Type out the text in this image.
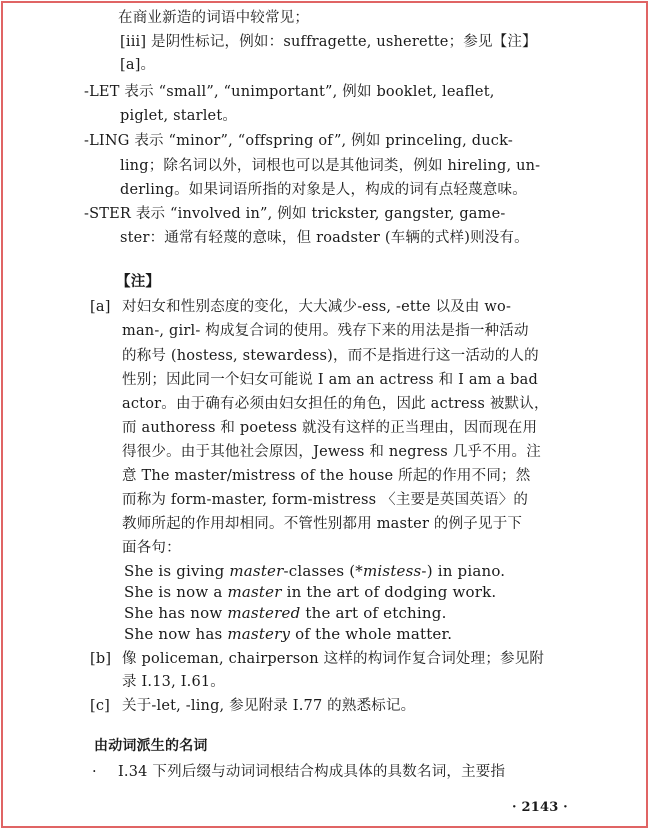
在商业新造的词语中较常见；
[iii] 是阴性标记，例如：suffragette, usherette；参见【注】
[a]。
-LET 表示 “small”, “unimportant”, 例如 booklet, leaflet,
piglet, starlet。
-LING 表示 “minor”, “offspring of”, 例如 princeling, duck-
ling；除名词以外，词根也可以是其他词类，例如 hireling, un-
derling。如果词语所指的对象是人，构成的词有点轻蔑意味。
-STER 表示 “involved in”, 例如 trickster, gangster, game-
ster：通常有轻蔑的意味，但 roadster (车辆的式样)则没有。
【注】
[a] 对妇女和性别态度的变化，大大减少-ess, -ette 以及由 wo-
man-, girl- 构成复合词的使用。残存下来的用法是指一种活动
的称号 (hostess, stewardess)，而不是指进行这一活动的人的
性别；因此同一个妇女可能说 I am an actress 和 I am a bad
actor。由于确有必须由妇女担任的角色，因此 actress 被默认，
而 authoress 和 poetess 就没有这样的正当理由，因而现在用
得很少。由于其他社会原因，Jewess 和 negress 几乎不用。注
意 The master/mistress of the house 所起的作用不同；然
而称为 form-master, form-mistress 〈主要是英国英语〉的
教师所起的作用却相同。不管性别都用 master 的例子见于下
面各句：
She is giving master-classes (*mistess-) in piano.
She is now a master in the art of dodging work.
She has now mastered the art of etching.
She now has mastery of the whole matter.
[b] 像 policeman, chairperson 这样的构词作复合词处理；参见附
录 Ⅰ.13, Ⅰ.61。
[c] 关于-let, -ling, 参见附录 Ⅰ.77 的熟悉标记。
由动词派生的名词
· Ⅰ.34 下列后缀与动词词根结合构成具体的具数名词，主要指
· 2143 ·
